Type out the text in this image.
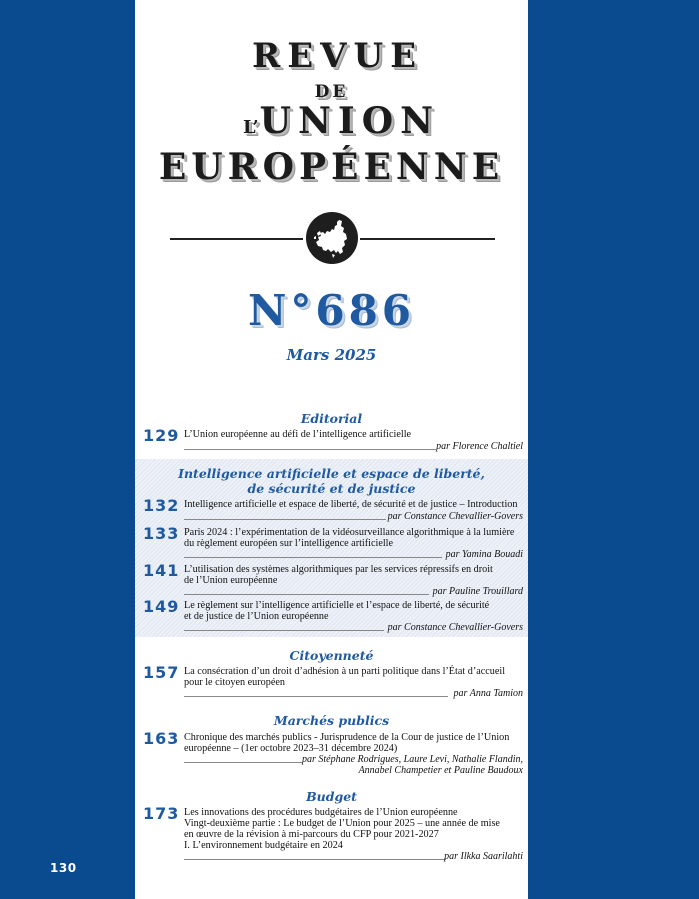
REVUE
DE
L’UNION
EUROPÉENNE
N°686
Mars 2025
Editorial
129 L’Union européenne au défi de l’intelligence artificielle
par Florence Chaltiel
Intelligence artificielle et espace de liberté,
de sécurité et de justice
132 Intelligence artificielle et espace de liberté, de sécurité et de justice – Introduction
par Constance Chevallier-Govers
133 Paris 2024 : l’expérimentation de la vidéosurveillance algorithmique à la lumière
du règlement européen sur l’intelligence artificielle
par Yamina Bouadi
141 L’utilisation des systèmes algorithmiques par les services répressifs en droit
de l’Union européenne
par Pauline Trouillard
149 Le règlement sur l’intelligence artificielle et l’espace de liberté, de sécurité
et de justice de l’Union européenne
par Constance Chevallier-Govers
Citoyenneté
157 La consécration d’un droit d’adhésion à un parti politique dans l’État d’accueil
pour le citoyen européen
par Anna Tamion
Marchés publics
163 Chronique des marchés publics - Jurisprudence de la Cour de justice de l’Union
européenne – (1er octobre 2023–31 décembre 2024)
par Stéphane Rodrigues, Laure Levi, Nathalie Flandin,
Annabel Champetier et Pauline Baudoux
Budget
173 Les innovations des procédures budgétaires de l’Union européenne
Vingt-deuxième partie : Le budget de l’Union pour 2025 – une année de mise
en œuvre de la révision à mi-parcours du CFP pour 2021-2027
I. L’environnement budgétaire en 2024
par Ilkka Saarilahti
130
